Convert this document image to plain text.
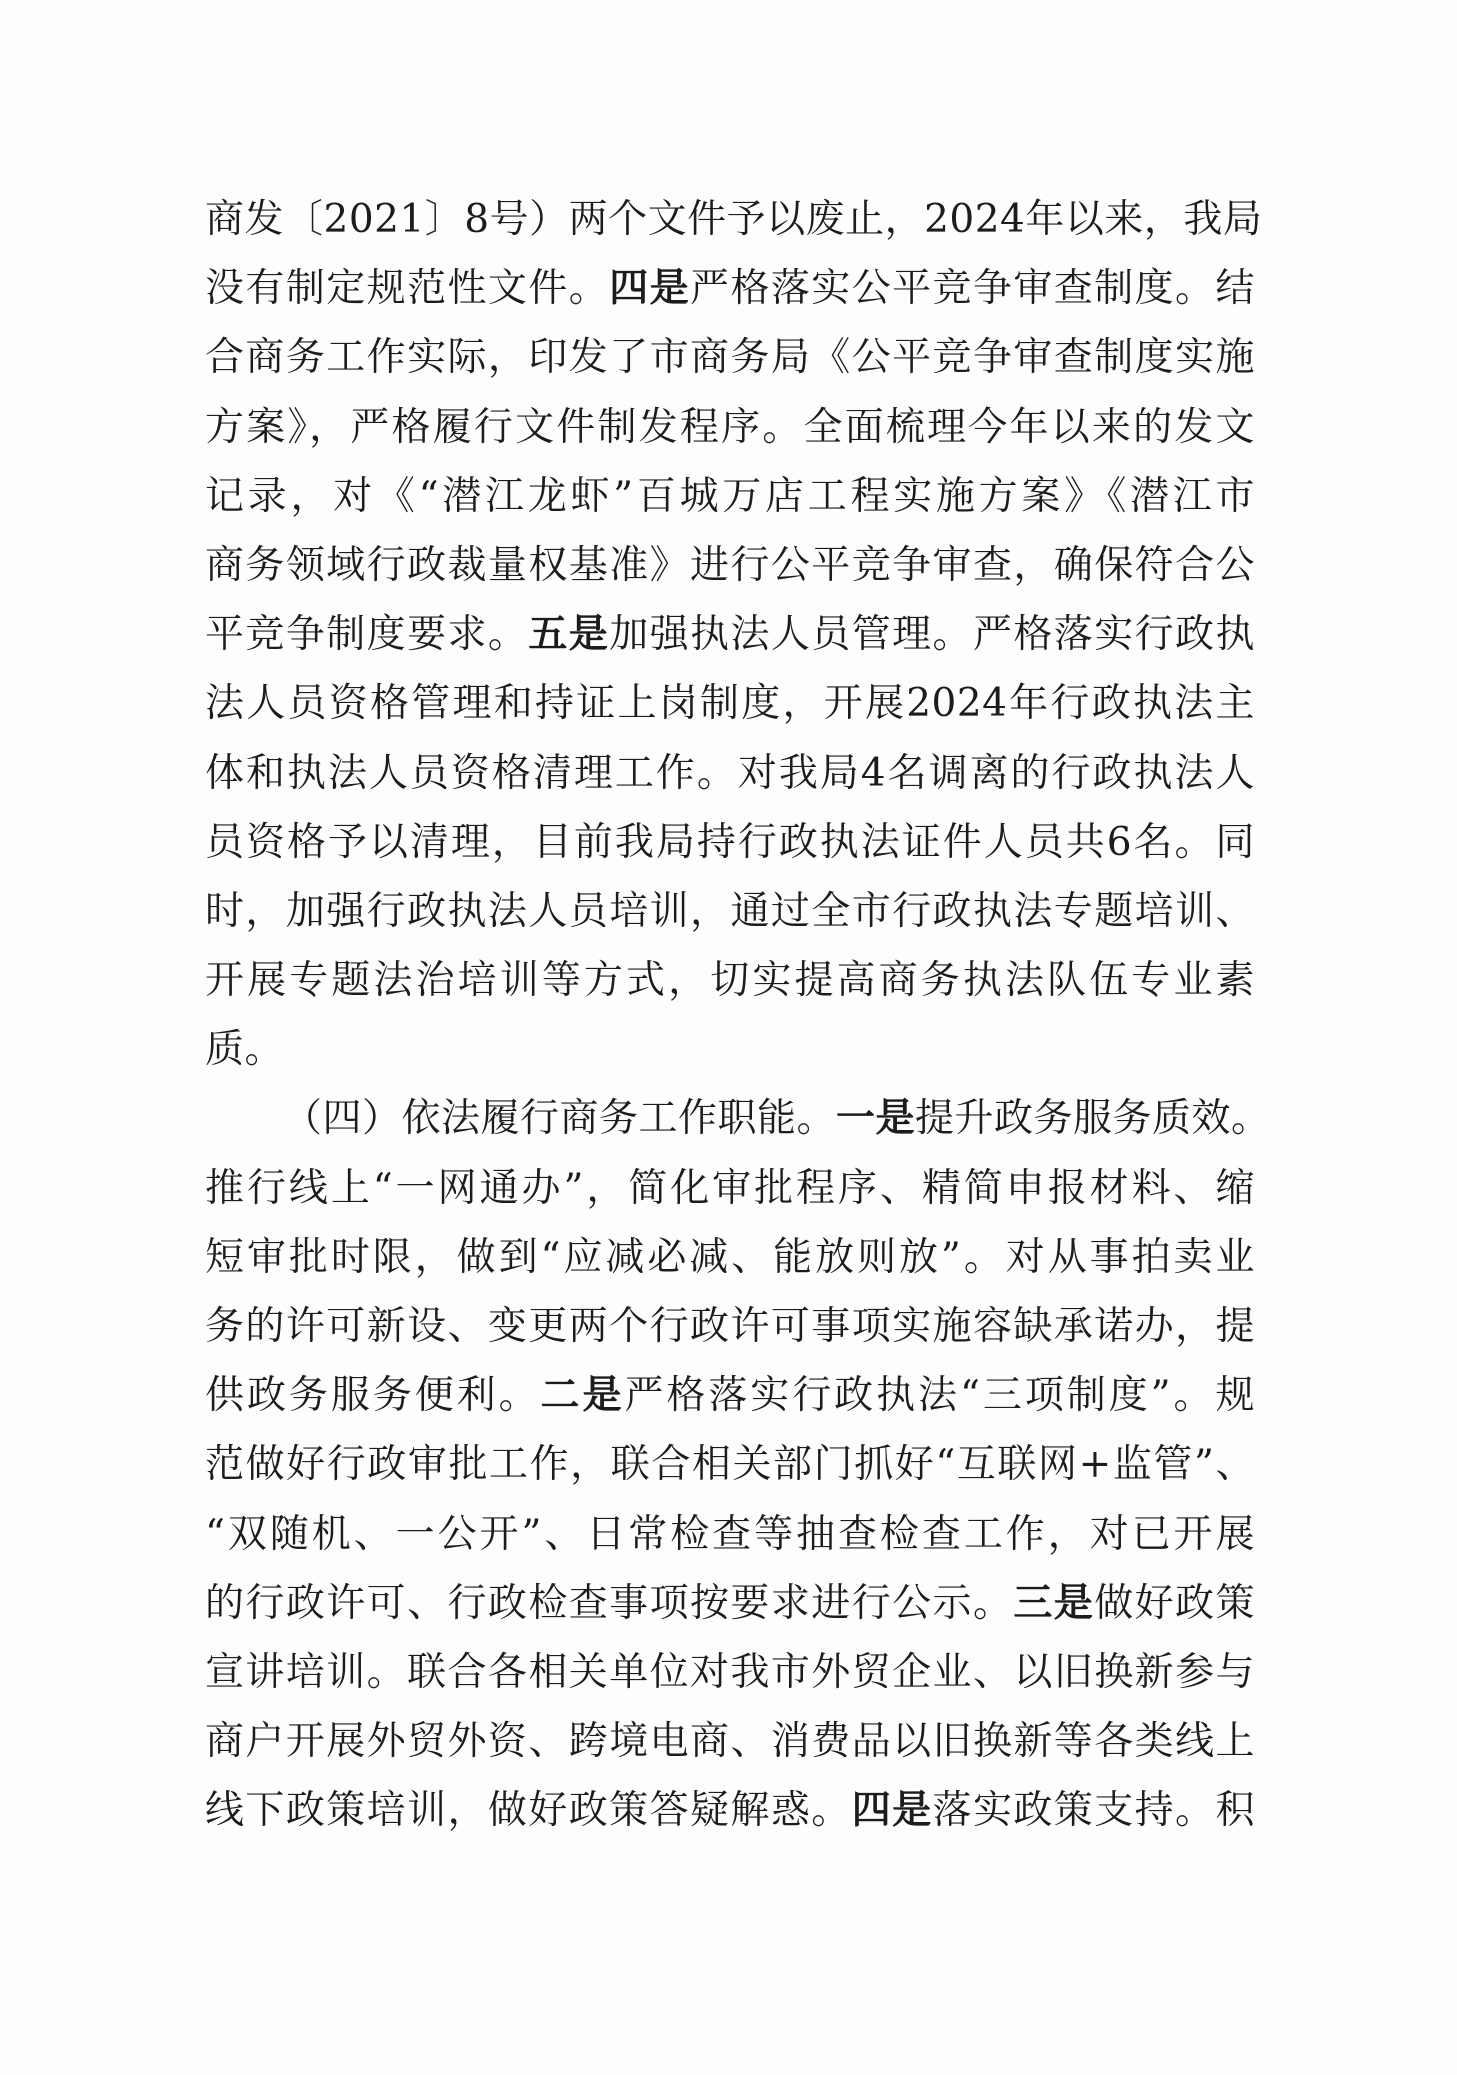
商发〔2021〕8号）两个文件予以废止，2024年以来，我局
没有制定规范性文件。四是严格落实公平竞争审查制度。结
合商务工作实际，印发了市商务局《公平竞争审查制度实施
方案》，严格履行文件制发程序。全面梳理今年以来的发文
记录，对《“潜江龙虾”百城万店工程实施方案》《潜江市
商务领域行政裁量权基准》进行公平竞争审查，确保符合公
平竞争制度要求。五是加强执法人员管理。严格落实行政执
法人员资格管理和持证上岗制度，开展2024年行政执法主
体和执法人员资格清理工作。对我局4名调离的行政执法人
员资格予以清理，目前我局持行政执法证件人员共6名。同
时，加强行政执法人员培训，通过全市行政执法专题培训、
开展专题法治培训等方式，切实提高商务执法队伍专业素
质。
（四）依法履行商务工作职能。一是提升政务服务质效。
推行线上“一网通办”，简化审批程序、精简申报材料、缩
短审批时限，做到“应减必减、能放则放”。对从事拍卖业
务的许可新设、变更两个行政许可事项实施容缺承诺办，提
供政务服务便利。二是严格落实行政执法“三项制度”。规
范做好行政审批工作，联合相关部门抓好“互联网+监管”、
“双随机、一公开”、日常检查等抽查检查工作，对已开展
的行政许可、行政检查事项按要求进行公示。三是做好政策
宣讲培训。联合各相关单位对我市外贸企业、以旧换新参与
商户开展外贸外资、跨境电商、消费品以旧换新等各类线上
线下政策培训，做好政策答疑解惑。四是落实政策支持。积
